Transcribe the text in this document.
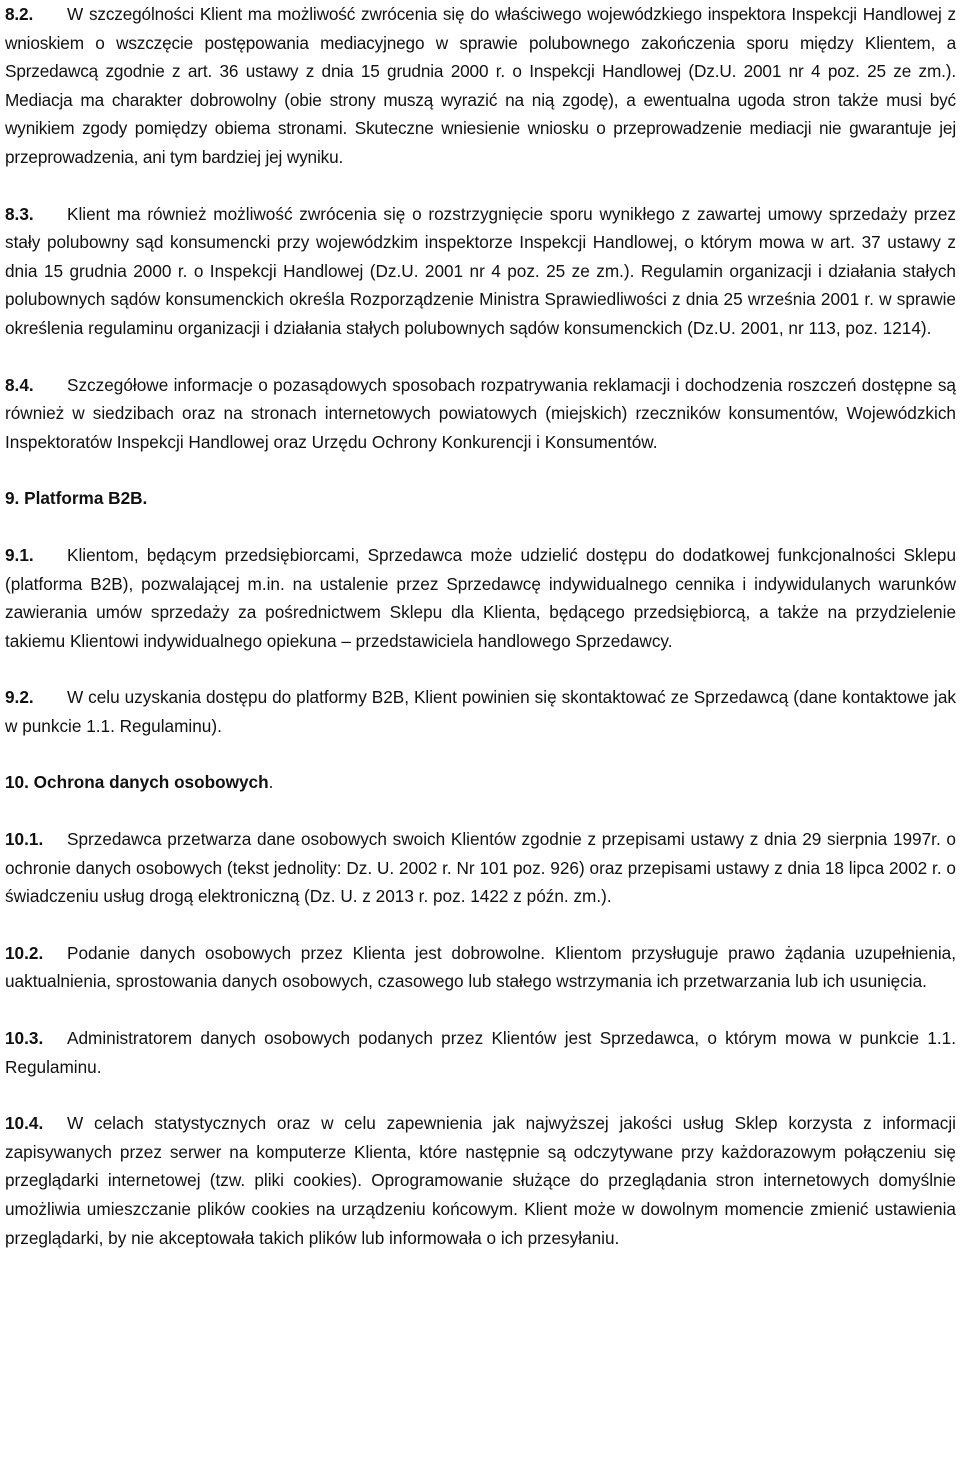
8.2. W szczególności Klient ma możliwość zwrócenia się do właściwego wojewódzkiego inspektora Inspekcji Handlowej z wnioskiem o wszczęcie postępowania mediacyjnego w sprawie polubownego zakończenia sporu między Klientem, a Sprzedawcą zgodnie z art. 36 ustawy z dnia 15 grudnia 2000 r. o Inspekcji Handlowej (Dz.U. 2001 nr 4 poz. 25 ze zm.). Mediacja ma charakter dobrowolny (obie strony muszą wyrazić na nią zgodę), a ewentualna ugoda stron także musi być wynikiem zgody pomiędzy obiema stronami. Skuteczne wniesienie wniosku o przeprowadzenie mediacji nie gwarantuje jej przeprowadzenia, ani tym bardziej jej wyniku.

8.3. Klient ma również możliwość zwrócenia się o rozstrzygnięcie sporu wynikłego z zawartej umowy sprzedaży przez stały polubowny sąd konsumencki przy wojewódzkim inspektorze Inspekcji Handlowej, o którym mowa w art. 37 ustawy z dnia 15 grudnia 2000 r. o Inspekcji Handlowej (Dz.U. 2001 nr 4 poz. 25 ze zm.). Regulamin organizacji i działania stałych polubownych sądów konsumenckich określa Rozporządzenie Ministra Sprawiedliwości z dnia 25 września 2001 r. w sprawie określenia regulaminu organizacji i działania stałych polubownych sądów konsumenckich (Dz.U. 2001, nr 113, poz. 1214).

8.4. Szczegółowe informacje o pozasądowych sposobach rozpatrywania reklamacji i dochodzenia roszczeń dostępne są również w siedzibach oraz na stronach internetowych powiatowych (miejskich) rzeczników konsumentów, Wojewódzkich Inspektoratów Inspekcji Handlowej oraz Urzędu Ochrony Konkurencji i Konsumentów.

9. Platforma B2B.

9.1. Klientom, będącym przedsiębiorcami, Sprzedawca może udzielić dostępu do dodatkowej funkcjonalności Sklepu (platforma B2B), pozwalającej m.in. na ustalenie przez Sprzedawcę indywidualnego cennika i indywidulanych warunków zawierania umów sprzedaży za pośrednictwem Sklepu dla Klienta, będącego przedsiębiorcą, a także na przydzielenie takiemu Klientowi indywidualnego opiekuna – przedstawiciela handlowego Sprzedawcy.

9.2. W celu uzyskania dostępu do platformy B2B, Klient powinien się skontaktować ze Sprzedawcą (dane kontaktowe jak w punkcie 1.1. Regulaminu).

10. Ochrona danych osobowych.

10.1. Sprzedawca przetwarza dane osobowych swoich Klientów zgodnie z przepisami ustawy z dnia 29 sierpnia 1997r. o ochronie danych osobowych (tekst jednolity: Dz. U. 2002 r. Nr 101 poz. 926) oraz przepisami ustawy z dnia 18 lipca 2002 r. o świadczeniu usług drogą elektroniczną (Dz. U. z 2013 r. poz. 1422 z późn. zm.).

10.2. Podanie danych osobowych przez Klienta jest dobrowolne. Klientom przysługuje prawo żądania uzupełnienia, uaktualnienia, sprostowania danych osobowych, czasowego lub stałego wstrzymania ich przetwarzania lub ich usunięcia.

10.3. Administratorem danych osobowych podanych przez Klientów jest Sprzedawca, o którym mowa w punkcie 1.1. Regulaminu.

10.4. W celach statystycznych oraz w celu zapewnienia jak najwyższej jakości usług Sklep korzysta z informacji zapisywanych przez serwer na komputerze Klienta, które następnie są odczytywane przy każdorazowym połączeniu się przeglądarki internetowej (tzw. pliki cookies). Oprogramowanie służące do przeglądania stron internetowych domyślnie umożliwia umieszczanie plików cookies na urządzeniu końcowym. Klient może w dowolnym momencie zmienić ustawienia przeglądarki, by nie akceptowała takich plików lub informowała o ich przesyłaniu.
